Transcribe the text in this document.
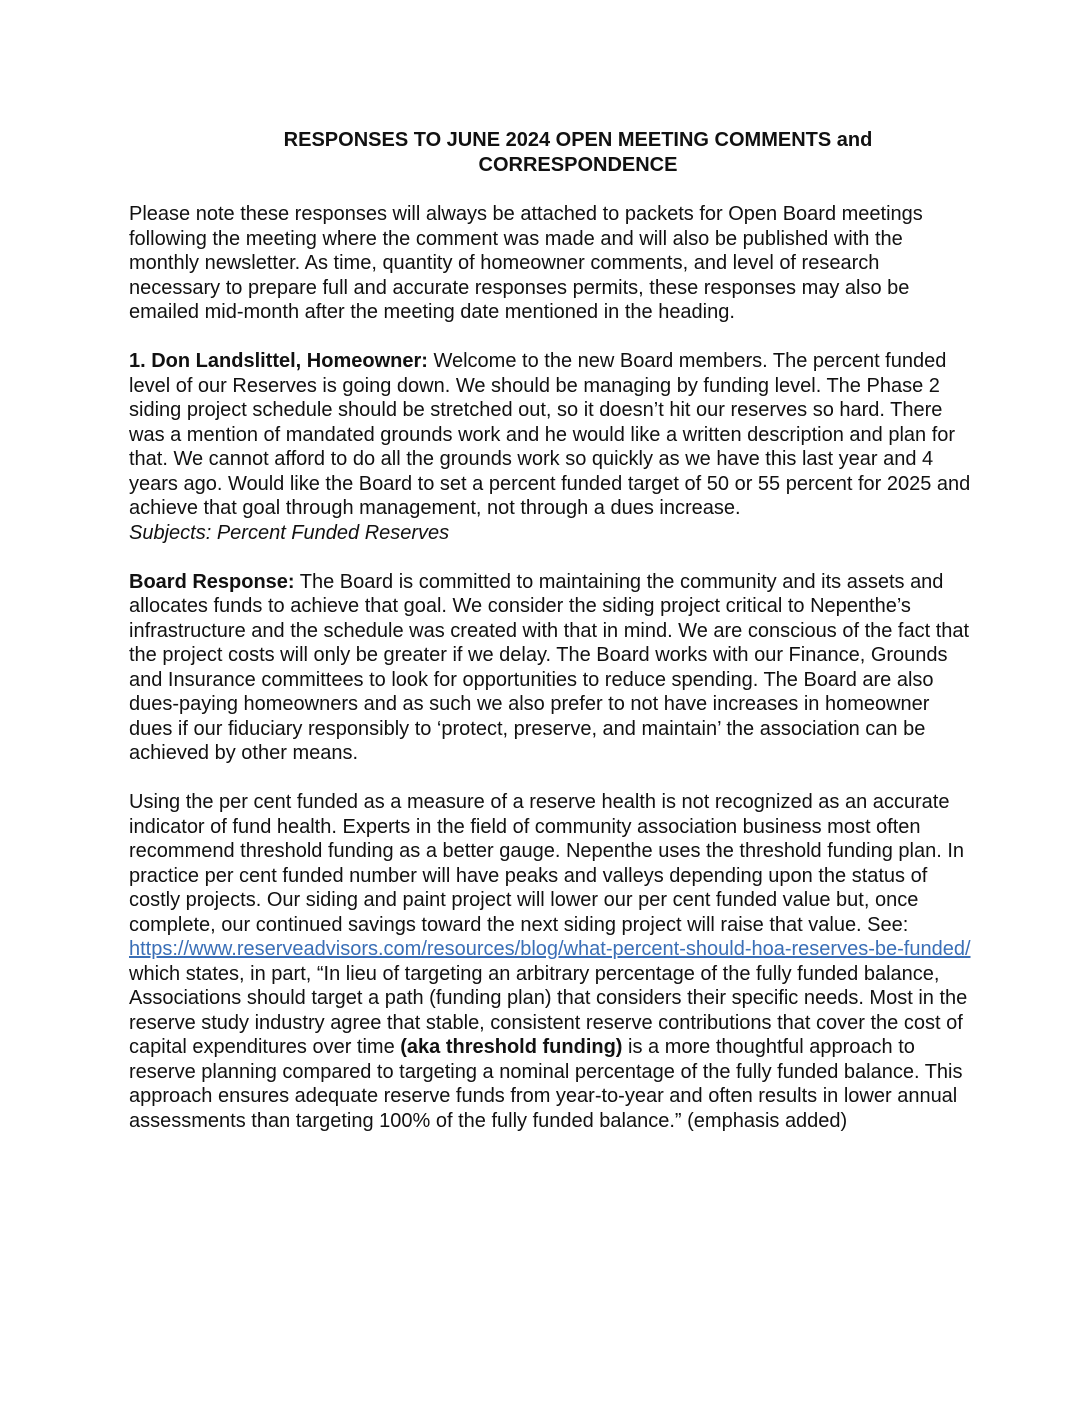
RESPONSES TO JUNE 2024 OPEN MEETING COMMENTS and
CORRESPONDENCE

Please note these responses will always be attached to packets for Open Board meetings following the meeting where the comment was made and will also be published with the monthly newsletter. As time, quantity of homeowner comments, and level of research necessary to prepare full and accurate responses permits, these responses may also be emailed mid-month after the meeting date mentioned in the heading.

1. Don Landslittel, Homeowner: Welcome to the new Board members. The percent funded level of our Reserves is going down. We should be managing by funding level. The Phase 2 siding project schedule should be stretched out, so it doesn’t hit our reserves so hard. There was a mention of mandated grounds work and he would like a written description and plan for that. We cannot afford to do all the grounds work so quickly as we have this last year and 4 years ago. Would like the Board to set a percent funded target of 50 or 55 percent for 2025 and achieve that goal through management, not through a dues increase.

Subjects: Percent Funded Reserves

Board Response: The Board is committed to maintaining the community and its assets and allocates funds to achieve that goal. We consider the siding project critical to Nepenthe’s infrastructure and the schedule was created with that in mind. We are conscious of the fact that the project costs will only be greater if we delay. The Board works with our Finance, Grounds and Insurance committees to look for opportunities to reduce spending. The Board are also dues-paying homeowners and as such we also prefer to not have increases in homeowner dues if our fiduciary responsibly to ‘protect, preserve, and maintain’ the association can be achieved by other means.

Using the per cent funded as a measure of a reserve health is not recognized as an accurate indicator of fund health. Experts in the field of community association business most often recommend threshold funding as a better gauge. Nepenthe uses the threshold funding plan. In practice per cent funded number will have peaks and valleys depending upon the status of costly projects. Our siding and paint project will lower our per cent funded value but, once complete, our continued savings toward the next siding project will raise that value. See: https://www.reserveadvisors.com/resources/blog/what-percent-should-hoa-reserves-be-funded/ which states, in part, “In lieu of targeting an arbitrary percentage of the fully funded balance, Associations should target a path (funding plan) that considers their specific needs. Most in the reserve study industry agree that stable, consistent reserve contributions that cover the cost of capital expenditures over time (aka threshold funding) is a more thoughtful approach to reserve planning compared to targeting a nominal percentage of the fully funded balance. This approach ensures adequate reserve funds from year-to-year and often results in lower annual assessments than targeting 100% of the fully funded balance.” (emphasis added)
